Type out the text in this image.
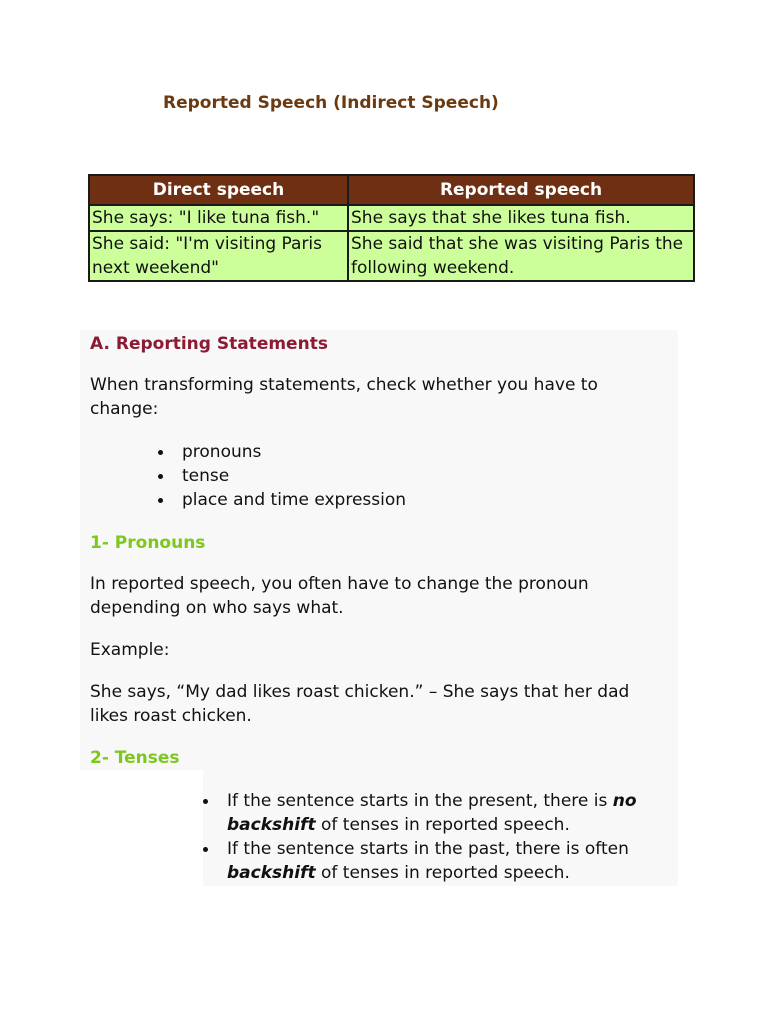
Reported Speech (Indirect Speech)
Direct speech	Reported speech
She says: "I like tuna fish."	She says that she likes tuna fish.
She said: "I'm visiting Paris next weekend"	She said that she was visiting Paris the following weekend.
A. Reporting Statements
When transforming statements, check whether you have to change:
pronouns
tense
place and time expression
1- Pronouns
In reported speech, you often have to change the pronoun depending on who says what.
Example:
She says, “My dad likes roast chicken.” – She says that her dad likes roast chicken.
2- Tenses
If the sentence starts in the present, there is no backshift of tenses in reported speech.
If the sentence starts in the past, there is often backshift of tenses in reported speech.
